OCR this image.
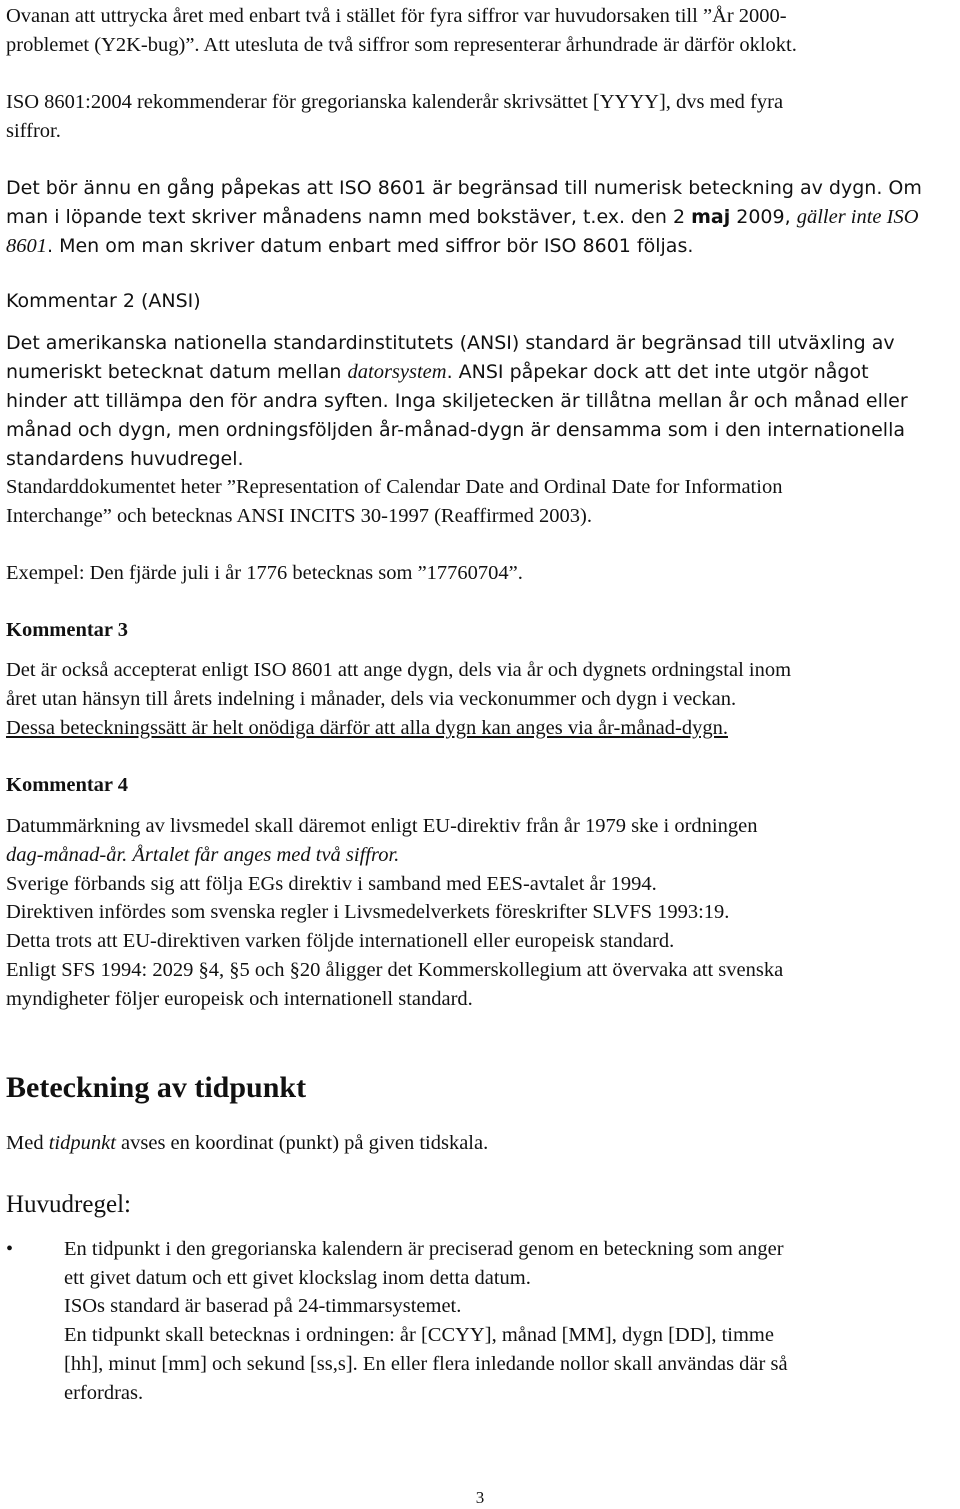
Ovanan att uttrycka året med enbart två i stället för fyra siffror var huvudorsaken till ”År 2000-
problemet (Y2K-bug)”. Att utesluta de två siffror som representerar århundrade är därför oklokt.
ISO 8601:2004 rekommenderar för gregorianska kalenderår skrivsättet [YYYY], dvs med fyra
siffror.
Det bör ännu en gång påpekas att ISO 8601 är begränsad till numerisk beteckning av dygn. Om
man i löpande text skriver månadens namn med bokstäver, t.ex. den 2 maj 2009, gäller inte ISO
8601. Men om man skriver datum enbart med siffror bör ISO 8601 följas.
Kommentar 2 (ANSI)
Det amerikanska nationella standardinstitutets (ANSI) standard är begränsad till utväxling av
numeriskt betecknat datum mellan datorsystem. ANSI påpekar dock att det inte utgör något
hinder att tillämpa den för andra syften. Inga skiljetecken är tillåtna mellan år och månad eller
månad och dygn, men ordningsföljden år-månad-dygn är densamma som i den internationella
standardens huvudregel.
Standarddokumentet heter ”Representation of Calendar Date and Ordinal Date for Information
Interchange” och betecknas ANSI INCITS 30-1997 (Reaffirmed 2003).
Exempel: Den fjärde juli i år 1776 betecknas som ”17760704”.
Kommentar 3
Det är också accepterat enligt ISO 8601 att ange dygn, dels via år och dygnets ordningstal inom
året utan hänsyn till årets indelning i månader, dels via veckonummer och dygn i veckan.
Dessa beteckningssätt är helt onödiga därför att alla dygn kan anges via år-månad-dygn.
Kommentar 4
Datummärkning av livsmedel skall däremot enligt EU-direktiv från år 1979 ske i ordningen
dag-månad-år. Årtalet får anges med två siffror.
Sverige förbands sig att följa EGs direktiv i samband med EES-avtalet år 1994.
Direktiven infördes som svenska regler i Livsmedelverkets föreskrifter SLVFS 1993:19.
Detta trots att EU-direktiven varken följde internationell eller europeisk standard.
Enligt SFS 1994: 2029 §4, §5 och §20 åligger det Kommerskollegium att övervaka att svenska
myndigheter följer europeisk och internationell standard.
Beteckning av tidpunkt
Med tidpunkt avses en koordinat (punkt) på given tidskala.
Huvudregel:
• En tidpunkt i den gregorianska kalendern är preciserad genom en beteckning som anger
ett givet datum och ett givet klockslag inom detta datum.
ISOs standard är baserad på 24-timmarsystemet.
En tidpunkt skall betecknas i ordningen: år [CCYY], månad [MM], dygn [DD], timme
[hh], minut [mm] och sekund [ss,s]. En eller flera inledande nollor skall användas där så
erfordras.
3
